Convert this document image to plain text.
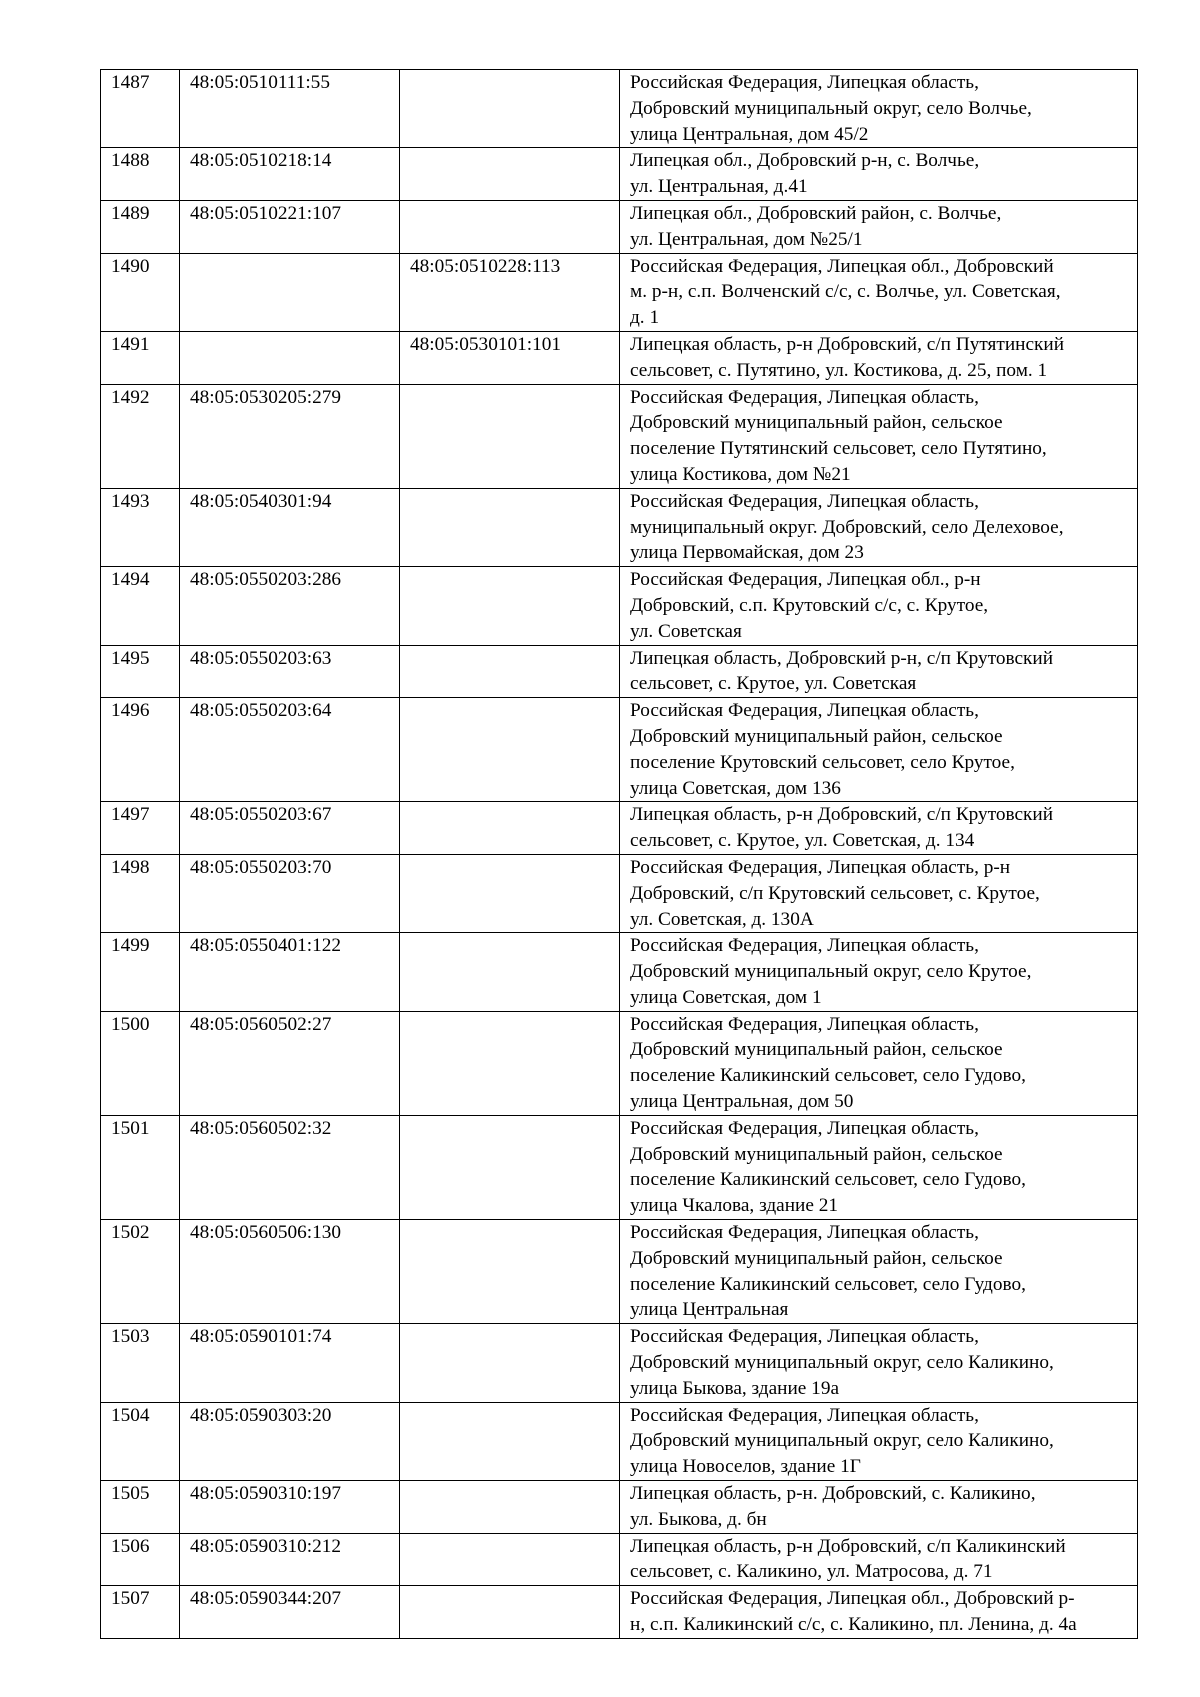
1487	48:05:0510111:55		Российская Федерация, Липецкая область,
Добровский муниципальный округ, село Волчье,
улица Центральная, дом 45/2

1488	48:05:0510218:14		Липецкая обл., Добровский р-н, с. Волчье,
ул. Центральная, д.41

1489	48:05:0510221:107		Липецкая обл., Добровский район, с. Волчье,
ул. Центральная, дом №25/1

1490		48:05:0510228:113	Российская Федерация, Липецкая обл., Добровский
м. р-н, с.п. Волченский с/с, с. Волчье, ул. Советская,
д. 1

1491		48:05:0530101:101	Липецкая область, р-н Добровский, с/п Путятинский
сельсовет, с. Путятино, ул. Костикова, д. 25, пом. 1

1492	48:05:0530205:279		Российская Федерация, Липецкая область,
Добровский муниципальный район, сельское
поселение Путятинский сельсовет, село Путятино,
улица Костикова, дом №21

1493	48:05:0540301:94		Российская Федерация, Липецкая область,
муниципальный округ. Добровский, село Делеховое,
улица Первомайская, дом 23

1494	48:05:0550203:286		Российская Федерация, Липецкая обл., р-н
Добровский, с.п. Крутовский с/с, с. Крутое,
ул. Советская

1495	48:05:0550203:63		Липецкая область, Добровский р-н, с/п Крутовский
сельсовет, с. Крутое, ул. Советская

1496	48:05:0550203:64		Российская Федерация, Липецкая область,
Добровский муниципальный район, сельское
поселение Крутовский сельсовет, село Крутое,
улица Советская, дом 136

1497	48:05:0550203:67		Липецкая область, р-н Добровский, с/п Крутовский
сельсовет, с. Крутое, ул. Советская, д. 134

1498	48:05:0550203:70		Российская Федерация, Липецкая область, р-н
Добровский, с/п Крутовский сельсовет, с. Крутое,
ул. Советская, д. 130А

1499	48:05:0550401:122		Российская Федерация, Липецкая область,
Добровский муниципальный округ, село Крутое,
улица Советская, дом 1

1500	48:05:0560502:27		Российская Федерация, Липецкая область,
Добровский муниципальный район, сельское
поселение Каликинский сельсовет, село Гудово,
улица Центральная, дом 50

1501	48:05:0560502:32		Российская Федерация, Липецкая область,
Добровский муниципальный район, сельское
поселение Каликинский сельсовет, село Гудово,
улица Чкалова, здание 21

1502	48:05:0560506:130		Российская Федерация, Липецкая область,
Добровский муниципальный район, сельское
поселение Каликинский сельсовет, село Гудово,
улица Центральная

1503	48:05:0590101:74		Российская Федерация, Липецкая область,
Добровский муниципальный округ, село Каликино,
улица Быкова, здание 19а

1504	48:05:0590303:20		Российская Федерация, Липецкая область,
Добровский муниципальный округ, село Каликино,
улица Новоселов, здание 1Г

1505	48:05:0590310:197		Липецкая область, р-н. Добровский, с. Каликино,
ул. Быкова, д. бн

1506	48:05:0590310:212		Липецкая область, р-н Добровский, с/п Каликинский
сельсовет, с. Каликино, ул. Матросова, д. 71

1507	48:05:0590344:207		Российская Федерация, Липецкая обл., Добровский р-
н, с.п. Каликинский с/с, с. Каликино, пл. Ленина, д. 4а
